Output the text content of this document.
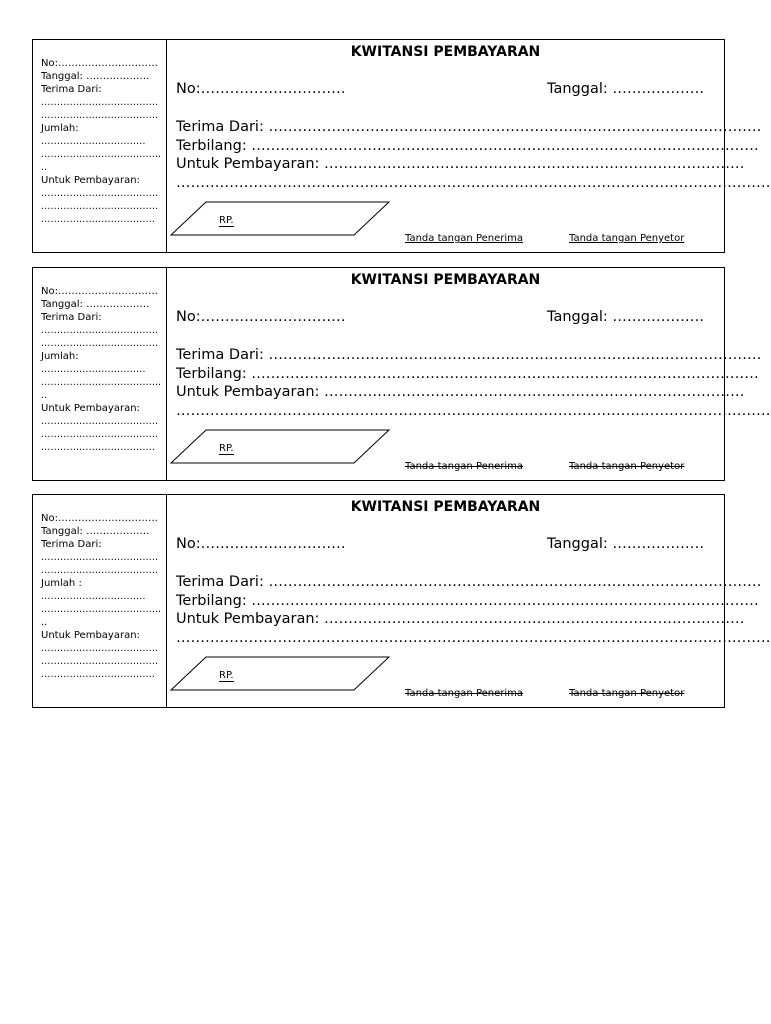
No:…………………………
Tanggal: ……………….
Terima Dari:
……………………………….
……………………………….
Jumlah:
……………………………
………………………………..
..
Untuk Pembayaran:
……………………………….
……………………………….
………………………………
KWITANSI PEMBAYARAN
No:…………………………	Tanggal: ……………….
Terima Dari: …………………………………………………………………………………………
Terbilang: ……………………………………………………………………………………………
Untuk Pembayaran: ……………………………………………………………………………
……………………………………………………………………………………………………………
RP.
Tanda tangan Penerima	Tanda tangan Penyetor
No:…………………………
Tanggal: ……………….
Terima Dari:
……………………………….
……………………………….
Jumlah:
……………………………
………………………………..
..
Untuk Pembayaran:
……………………………….
……………………………….
………………………………
KWITANSI PEMBAYARAN
No:…………………………	Tanggal: ……………….
Terima Dari: …………………………………………………………………………………………
Terbilang: ……………………………………………………………………………………………
Untuk Pembayaran: ……………………………………………………………………………
……………………………………………………………………………………………………………
RP.
Tanda tangan Penerima	Tanda tangan Penyetor
No:…………………………
Tanggal: ……………….
Terima Dari:
……………………………….
……………………………….
Jumlah :
……………………………
………………………………..
..
Untuk Pembayaran:
……………………………….
……………………………….
………………………………
KWITANSI PEMBAYARAN
No:…………………………	Tanggal: ……………….
Terima Dari: …………………………………………………………………………………………
Terbilang: ……………………………………………………………………………………………
Untuk Pembayaran: ……………………………………………………………………………
……………………………………………………………………………………………………………
RP.
Tanda tangan Penerima	Tanda tangan Penyetor
